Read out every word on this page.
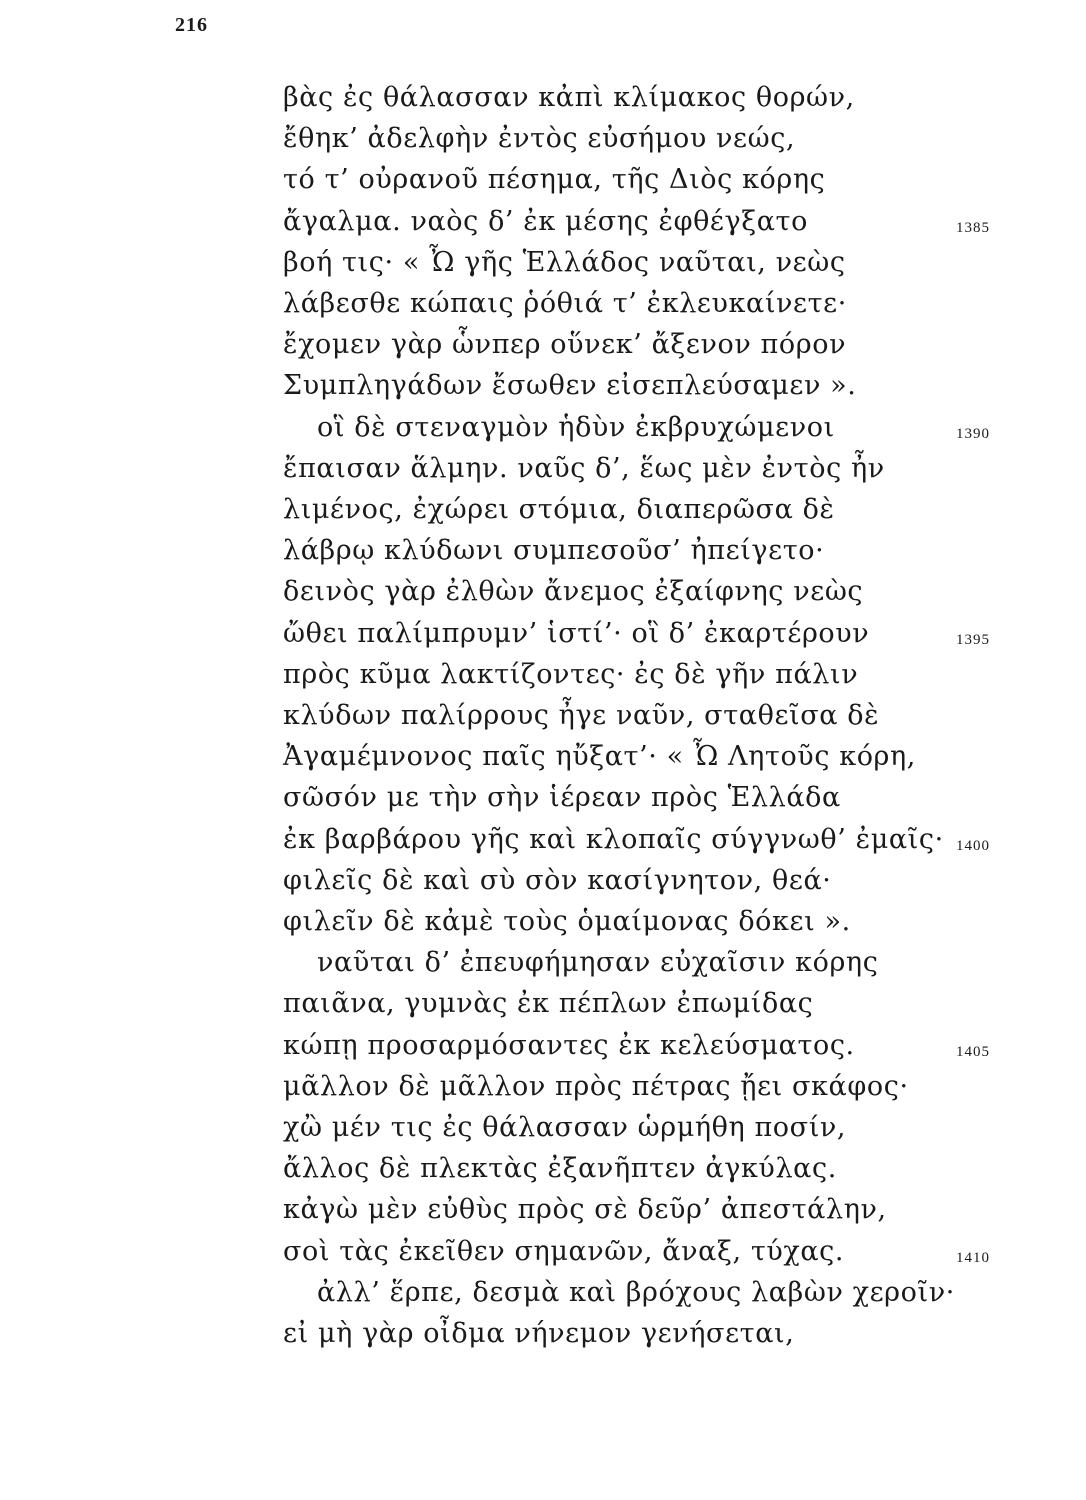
216
βὰς ἐς θάλασσαν κἀπὶ κλίμακος θορών,
ἔθηκ’ ἀδελφὴν ἐντὸς εὐσήμου νεώς,
τό τ’ οὐρανοῦ πέσημα, τῆς Διὸς κόρης
ἄγαλμα. ναὸς δ’ ἐκ μέσης ἐφθέγξατο	1385
βοή τις· « Ὦ γῆς Ἑλλάδος ναῦται, νεὼς
λάβεσθε κώπαις ῥόθιά τ’ ἐκλευκαίνετε·
ἔχομεν γὰρ ὧνπερ οὕνεκ’ ἄξενον πόρον
Συμπληγάδων ἔσωθεν εἰσεπλεύσαμεν ».
οἳ δὲ στεναγμὸν ἡδὺν ἐκβρυχώμενοι	1390
ἔπαισαν ἅλμην. ναῦς δ’, ἕως μὲν ἐντὸς ἦν
λιμένος, ἐχώρει στόμια, διαπερῶσα δὲ
λάβρῳ κλύδωνι συμπεσοῦσ’ ἠπείγετο·
δεινὸς γὰρ ἐλθὼν ἄνεμος ἐξαίφνης νεὼς
ὤθει παλίμπρυμν’ ἱστί’· οἳ δ’ ἐκαρτέρουν	1395
πρὸς κῦμα λακτίζοντες· ἐς δὲ γῆν πάλιν
κλύδων παλίρρους ἦγε ναῦν, σταθεῖσα δὲ
Ἀγαμέμνονος παῖς ηὔξατ’· « Ὦ Λητοῦς κόρη,
σῶσόν με τὴν σὴν ἱέρεαν πρὸς Ἑλλάδα
ἐκ βαρβάρου γῆς καὶ κλοπαῖς σύγγνωθ’ ἐμαῖς· 1400
φιλεῖς δὲ καὶ σὺ σὸν κασίγνητον, θεά·
φιλεῖν δὲ κἀμὲ τοὺς ὁμαίμονας δόκει ».
ναῦται δ’ ἐπευφήμησαν εὐχαῖσιν κόρης
παιᾶνα, γυμνὰς ἐκ πέπλων ἐπωμίδας
κώπῃ προσαρμόσαντες ἐκ κελεύσματος.	1405
μᾶλλον δὲ μᾶλλον πρὸς πέτρας ᾔει σκάφος·
χὢ μέν τις ἐς θάλασσαν ὡρμήθη ποσίν,
ἄλλος δὲ πλεκτὰς ἐξανῆπτεν ἀγκύλας.
κἀγὼ μὲν εὐθὺς πρὸς σὲ δεῦρ’ ἀπεστάλην,
σοὶ τὰς ἐκεῖθεν σημανῶν, ἄναξ, τύχας.	1410
ἀλλ’ ἕρπε, δεσμὰ καὶ βρόχους λαβὼν χεροῖν·
εἰ μὴ γὰρ οἶδμα νήνεμον γενήσεται,
